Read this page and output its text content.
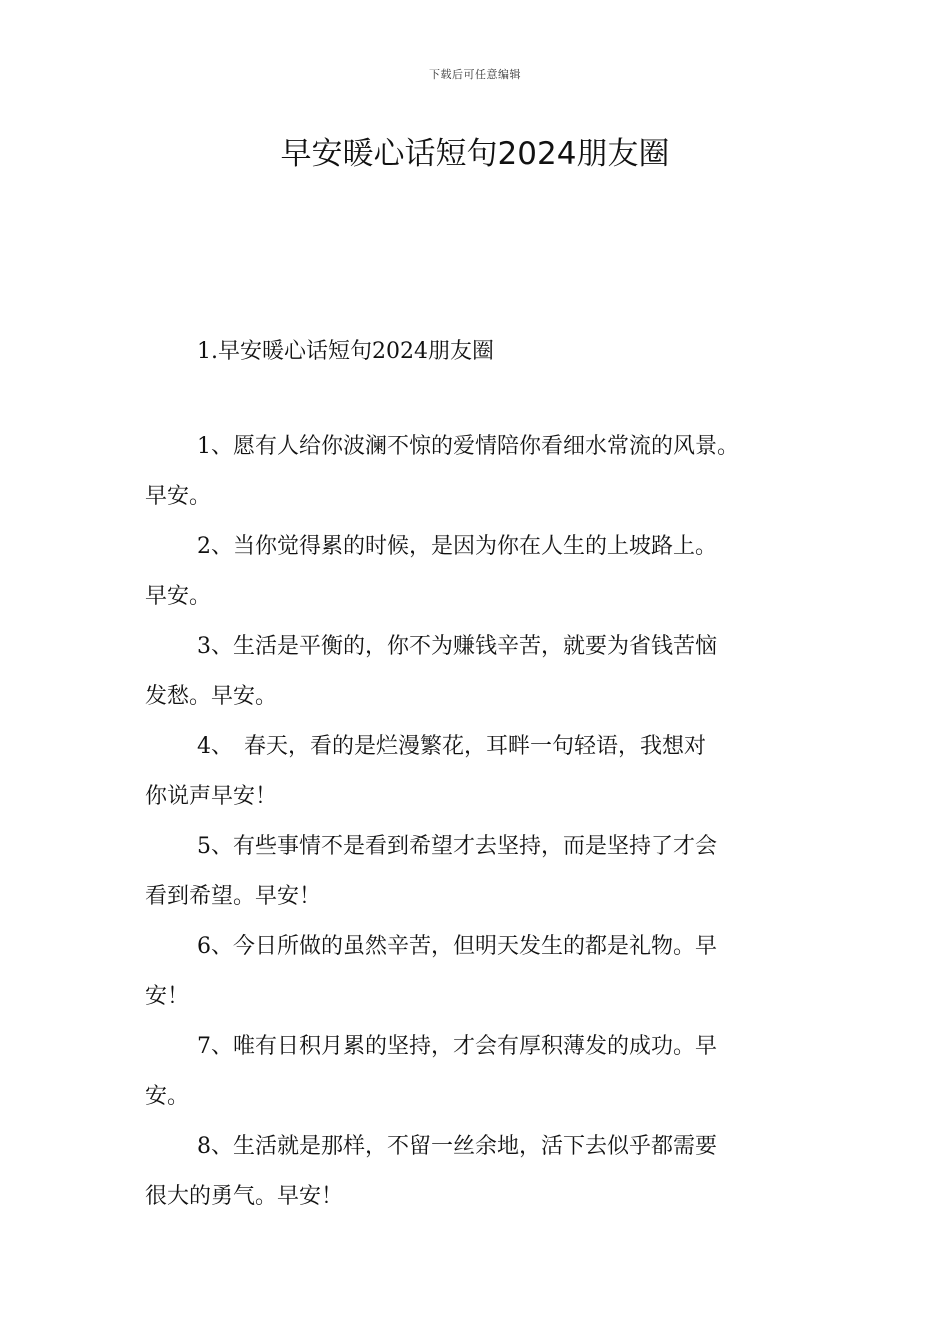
下载后可任意编辑
早安暖心话短句2024朋友圈
1.早安暖心话短句2024朋友圈

1、愿有人给你波澜不惊的爱情陪你看细水常流的风景。
早安。

2、当你觉得累的时候，是因为你在人生的上坡路上。
早安。

3、生活是平衡的，你不为赚钱辛苦，就要为省钱苦恼
发愁。早安。

4、　春天，看的是烂漫繁花，耳畔一句轻语，我想对
你说声早安！

5、有些事情不是看到希望才去坚持，而是坚持了才会
看到希望。早安！

6、今日所做的虽然辛苦，但明天发生的都是礼物。早
安！

7、唯有日积月累的坚持，才会有厚积薄发的成功。早
安。

8、生活就是那样，不留一丝余地，活下去似乎都需要
很大的勇气。早安！
